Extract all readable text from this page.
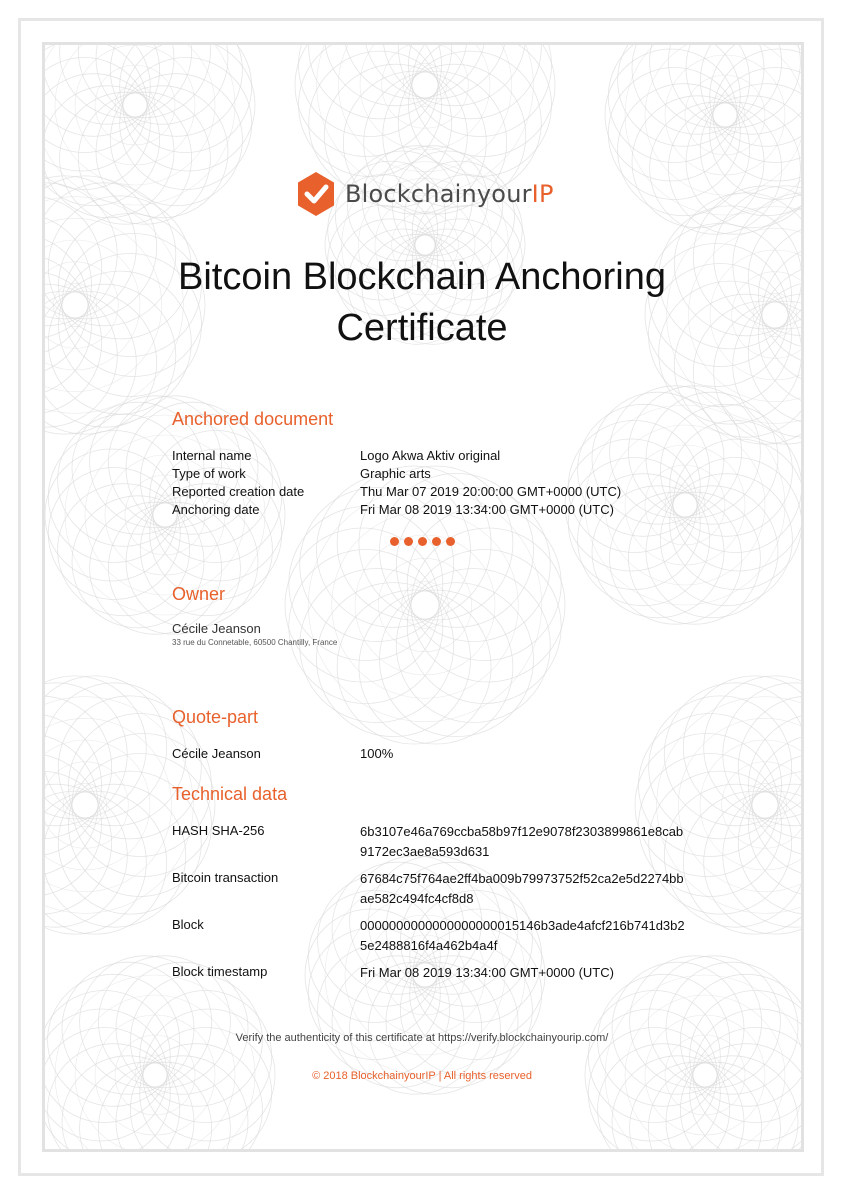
BlockchainyourIP
Bitcoin Blockchain Anchoring
Certificate
Anchored document
Internal name	Logo Akwa Aktiv original
Type of work	Graphic arts
Reported creation date	Thu Mar 07 2019 20:00:00 GMT+0000 (UTC)
Anchoring date	Fri Mar 08 2019 13:34:00 GMT+0000 (UTC)
Owner
Cécile Jeanson
33 rue du Connetable, 60500 Chantilly, France
Quote-part
Cécile Jeanson	100%
Technical data
HASH SHA-256	6b3107e46a769ccba58b97f12e9078f2303899861e8cab9172ec3ae8a593d631
Bitcoin transaction	67684c75f764ae2ff4ba009b79973752f52ca2e5d2274bbae582c494fc4cf8d8
Block	0000000000000000000015146b3ade4afcf216b741d3b25e2488816f4a462b4a4f
Block timestamp	Fri Mar 08 2019 13:34:00 GMT+0000 (UTC)
Verify the authenticity of this certificate at https://verify.blockchainyourip.com/
© 2018 BlockchainyourIP | All rights reserved
